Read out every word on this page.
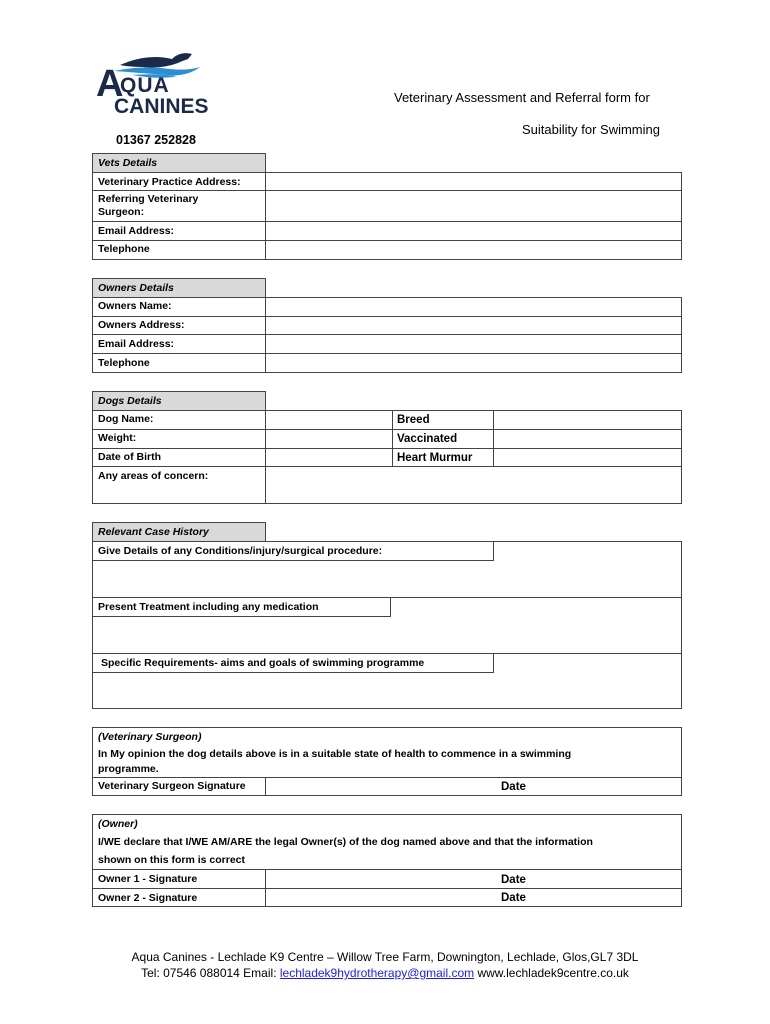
A
QUA
CANINES
01367 252828
Veterinary Assessment and Referral form for
Suitability for Swimming
Vets Details
Veterinary Practice Address:
Referring Veterinary Surgeon:
Email Address:
Telephone
Owners Details
Owners Name:
Owners Address:
Email Address:
Telephone
Dogs Details
Dog Name:
Weight:
Date of Birth
Any areas of concern:
Breed
Vaccinated
Heart Murmur
Relevant Case History
Give Details of any Conditions/injury/surgical procedure:
Present Treatment including any medication
Specific Requirements- aims and goals of swimming programme
(Veterinary Surgeon)
In My opinion the dog details above is in a suitable state of health to commence in a swimming programme.
Veterinary Surgeon Signature	Date
(Owner)
I/WE declare that I/WE AM/ARE the legal Owner(s) of the dog named above and that the information
shown on this form is correct
Owner 1 - Signature
Owner 2 - Signature
Date
Date
Aqua Canines - Lechlade K9 Centre – Willow Tree Farm, Downington, Lechlade, Glos,GL7 3DL
Tel: 07546 088014 Email: lechladek9hydrotherapy@gmail.com www.lechladek9centre.co.uk
